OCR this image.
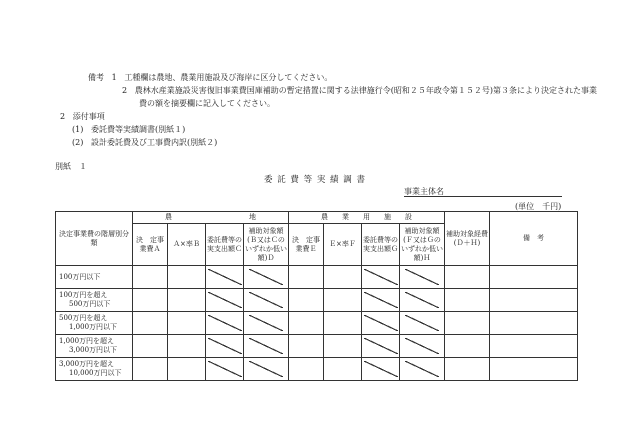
備考 1 工種欄は農地、農業用施設及び海岸に区分してください。
2 農林水産業施設災害復旧事業費国庫補助の暫定措置に関する法律施行令(昭和２５年政令第１５２号)第３条により決定された事業
費の額を摘要欄に記入してください。
2 添付事項
(1) 委託費等実績調書(別紙１)
(2) 設計委託費及び工事費内訳(別紙２)
別紙　１
委 託 費 等 実 績 調 書
事業主体名
(単位　千円)
決定事業費の階層別分類	農　　　　　　　　　　　地				農　　業　　用　　施　　設				補助対象経費(Ｄ＋Ｈ)	備　考
	決　定事業費Ａ	Ａ×率Ｂ	委託費等の実支出額Ｃ	補助対象額(Ｂ又はＣのいずれか低い額)Ｄ	決　定事業費Ｅ	Ｅ×率Ｆ	委託費等の実支出額Ｇ	補助対象額(Ｆ又はＧのいずれか低い額)Ｈ		

100万円以下										

100万円を超え
500万円以下										

500万円を超え
1,000万円以下										

1,000万円を超え
3,000万円以下										

3,000万円を超え
10,000万円以下										
